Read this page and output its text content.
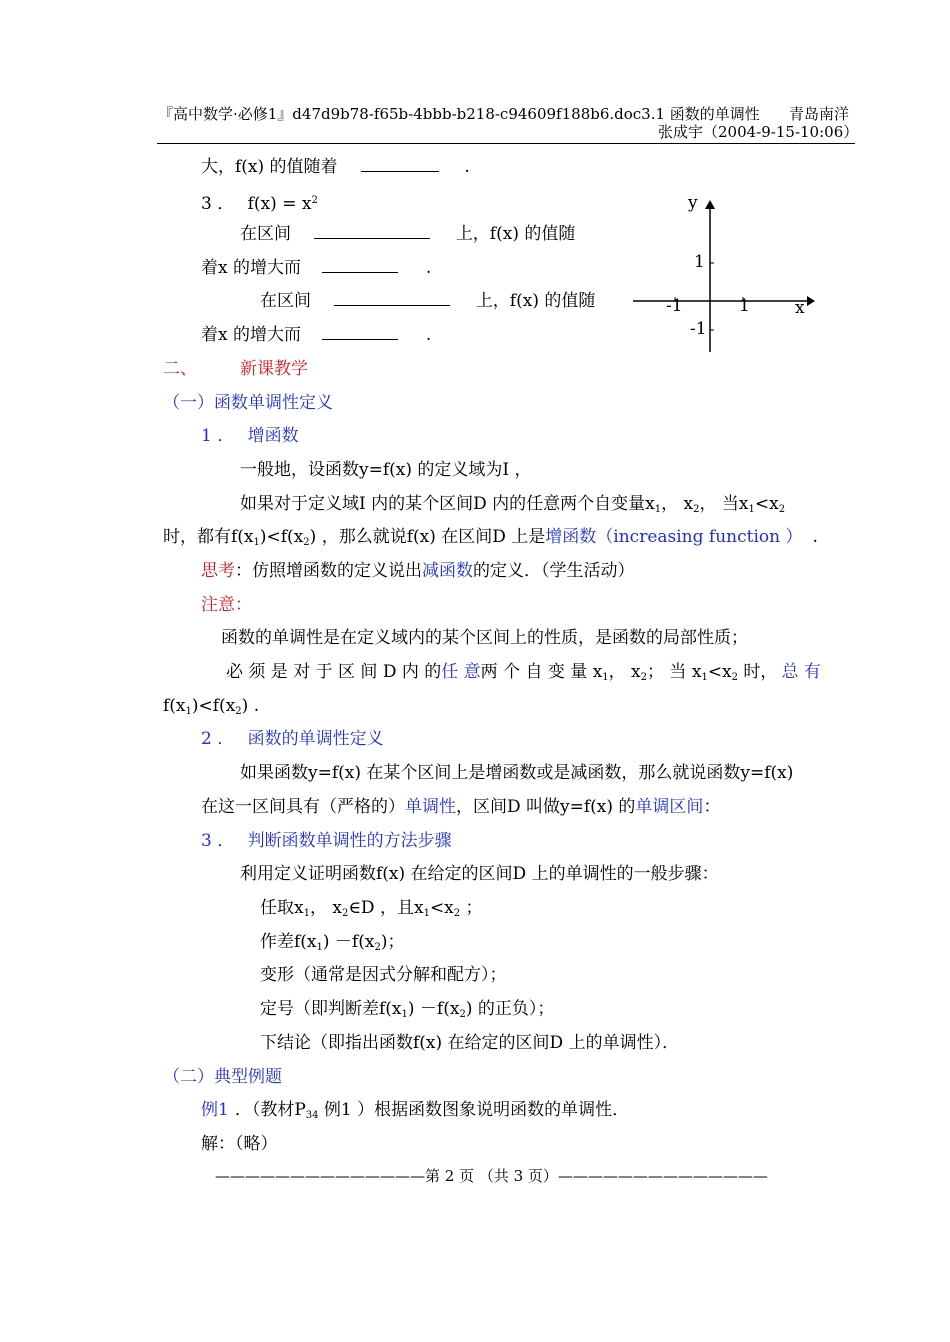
『高中数学·必修1』d47d9b78-f65b-4bbb-b218-c94609f188b6.doc3.1 函数的单调性 青岛南洋
张成宇（2004-9-15-10:06）
大，f(x) 的值随着	.
3 ． $f(x) = x^2$
在区间	上，f(x) 的值随
着x 的增大而	.
在区间	上，f(x) 的值随
着x 的增大而	.
y
x
1
-1
-1	1
二、	新课教学
（一）函数单调性定义
1 ． 增函数
一般地，设函数y=f(x) 的定义域为I ，
如果对于定义域I 内的某个区间D 内的任意两个自变量$x_1$， $x_2$， 当$x_1<x_2$
时，都有$f(x_1)<f(x_2)$ ，那么就说f(x) 在区间D 上是增函数（increasing function ） .
思考：仿照增函数的定义说出减函数的定义．（学生活动）
注意：
函数的单调性是在定义域内的某个区间上的性质，是函数的局部性质；
必 须 是 对 于 区 间 D 内 的任 意两 个 自 变 量 $x_1$， $x_2$； 当 $x_1<x_2$ 时， 总 有
$f(x_1)<f(x_2)$ .
2 ． 函数的单调性定义
如果函数y=f(x) 在某个区间上是增函数或是减函数，那么就说函数y=f(x)
在这一区间具有（严格的）单调性，区间D 叫做y=f(x) 的单调区间：
3 ． 判断函数单调性的方法步骤
利用定义证明函数f(x) 在给定的区间D 上的单调性的一般步骤：
任取$x_1$， $x_2\in D$ ，且$x_1<x_2$ ；
作差$f(x_1) -f(x_2)$；
变形（通常是因式分解和配方）；
定号（即判断差$f(x_1) -f(x_2)$ 的正负）；
下结论（即指出函数f(x) 在给定的区间D 上的单调性）．
（二）典型例题
例1 ．（教材$P_{34}$ 例1 ）根据函数图象说明函数的单调性．
解：（略）
——————————————第 2 页 （共 3 页）——————————————
